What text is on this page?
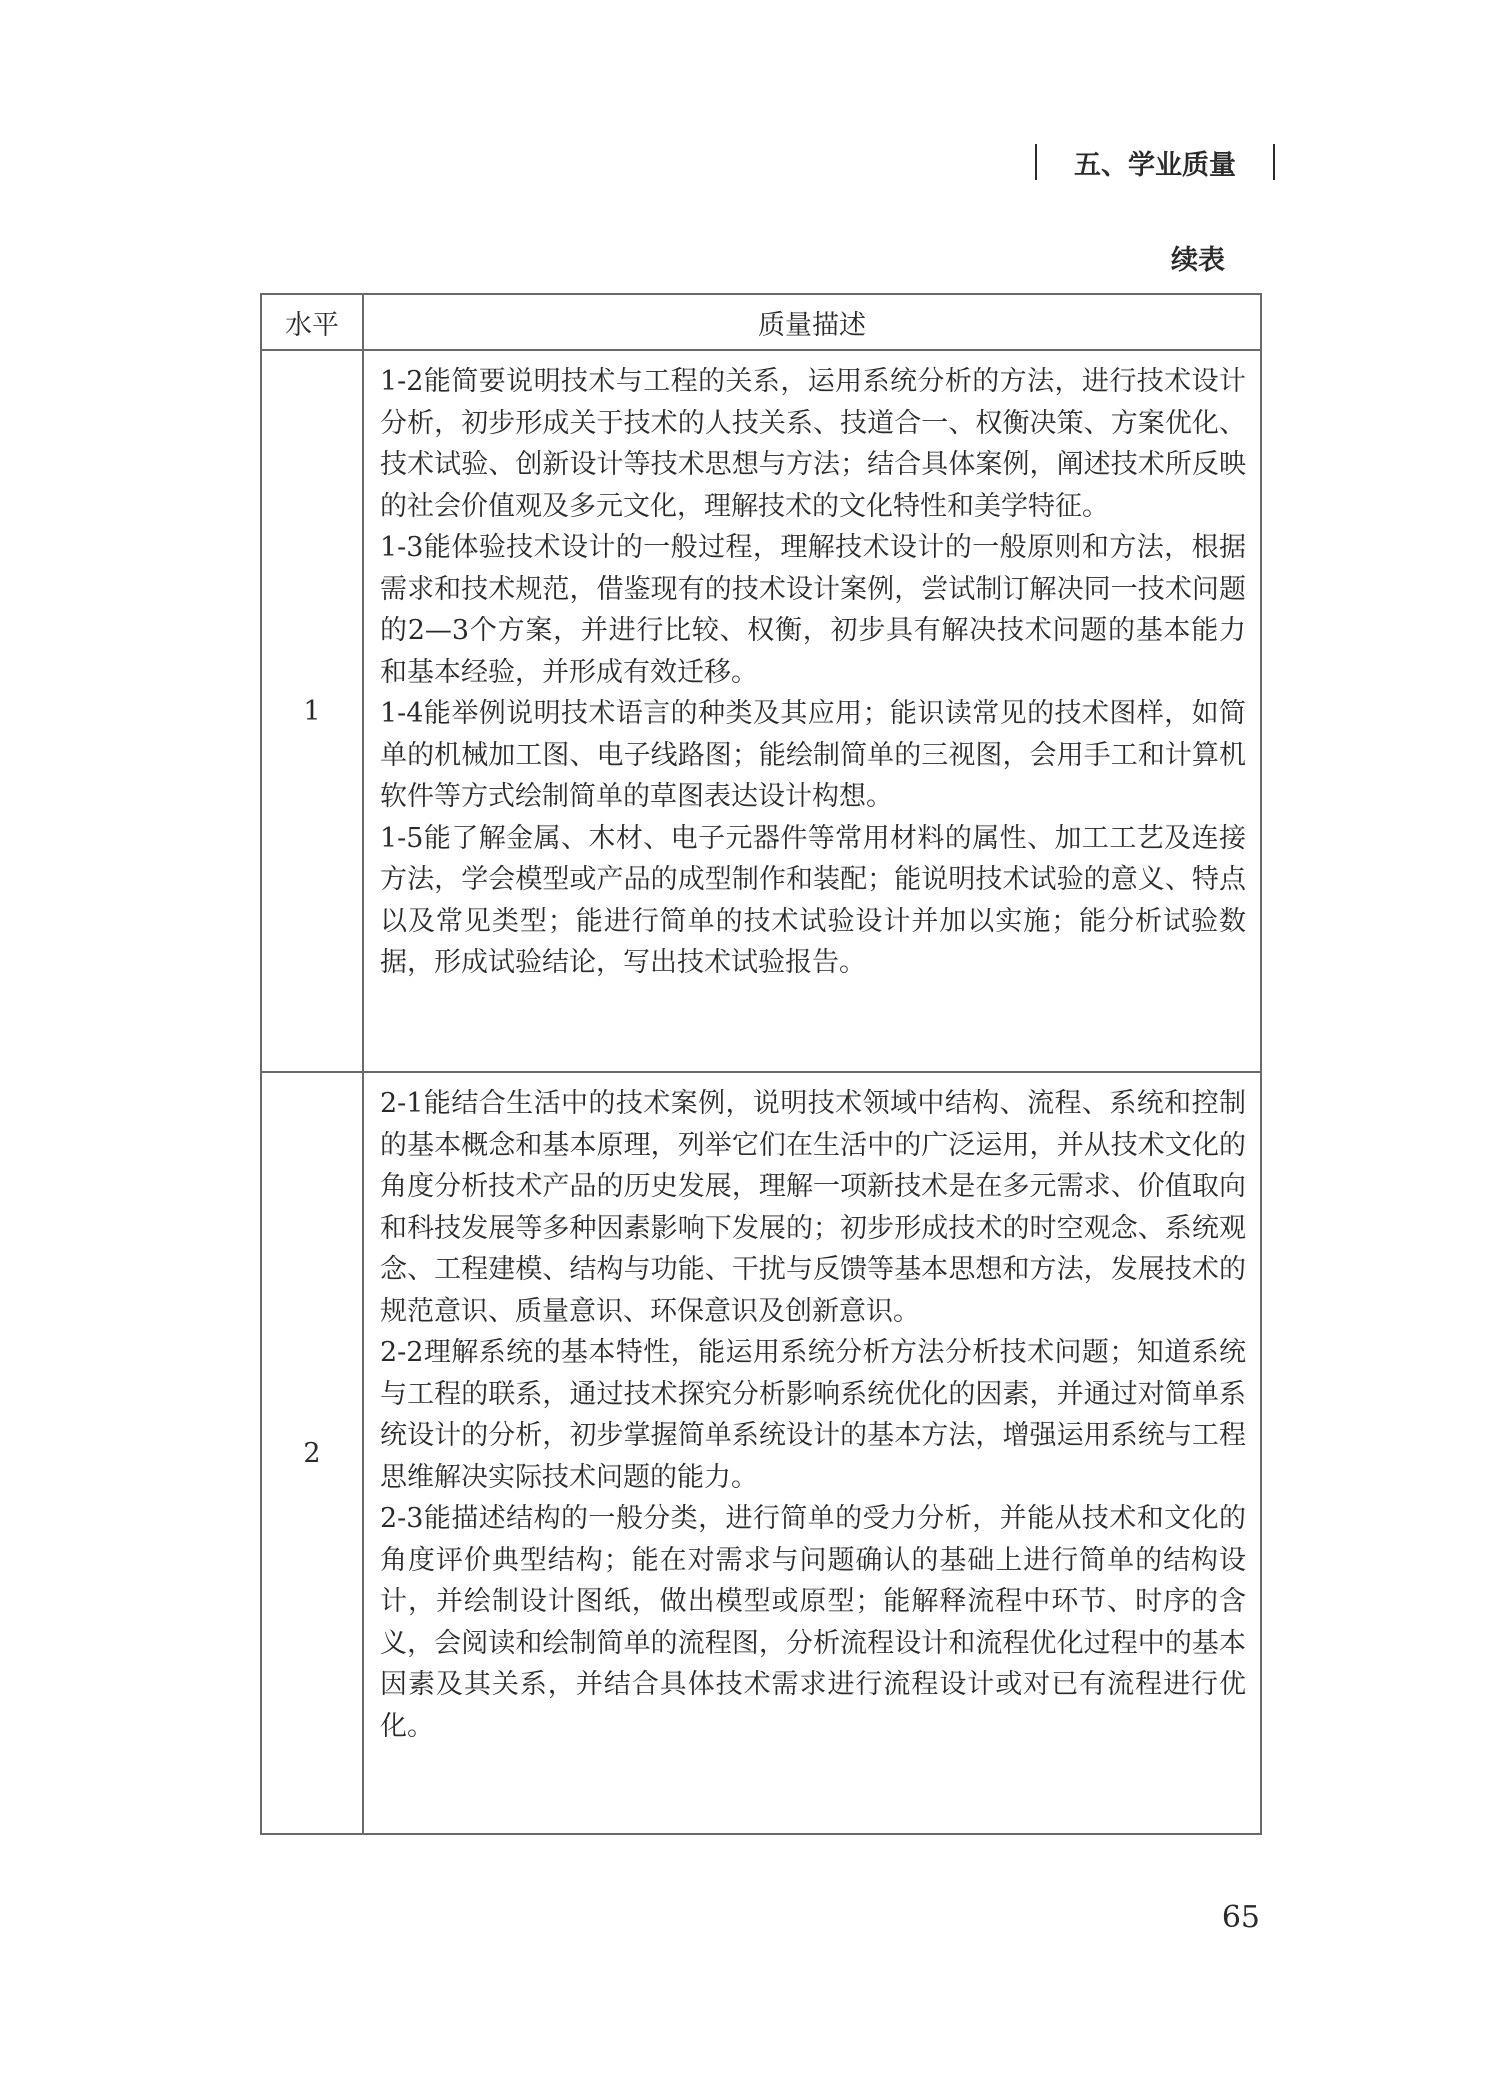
五、学业质量
续表
水平	质量描述
1	1-2能简要说明技术与工程的关系，运用系统分析的方法，进行技术设计分析，初步形成关于技术的人技关系、技道合一、权衡决策、方案优化、技术试验、创新设计等技术思想与方法；结合具体案例，阐述技术所反映的社会价值观及多元文化，理解技术的文化特性和美学特征。

1-3能体验技术设计的一般过程，理解技术设计的一般原则和方法，根据需求和技术规范，借鉴现有的技术设计案例，尝试制订解决同一技术问题的2—3个方案，并进行比较、权衡，初步具有解决技术问题的基本能力和基本经验，并形成有效迁移。

1-4能举例说明技术语言的种类及其应用；能识读常见的技术图样，如简单的机械加工图、电子线路图；能绘制简单的三视图，会用手工和计算机软件等方式绘制简单的草图表达设计构想。

1-5能了解金属、木材、电子元器件等常用材料的属性、加工工艺及连接方法，学会模型或产品的成型制作和装配；能说明技术试验的意义、特点以及常见类型；能进行简单的技术试验设计并加以实施；能分析试验数据，形成试验结论，写出技术试验报告。

2	2-1能结合生活中的技术案例，说明技术领域中结构、流程、系统和控制的基本概念和基本原理，列举它们在生活中的广泛运用，并从技术文化的角度分析技术产品的历史发展，理解一项新技术是在多元需求、价值取向和科技发展等多种因素影响下发展的；初步形成技术的时空观念、系统观念、工程建模、结构与功能、干扰与反馈等基本思想和方法，发展技术的规范意识、质量意识、环保意识及创新意识。

2-2理解系统的基本特性，能运用系统分析方法分析技术问题；知道系统与工程的联系，通过技术探究分析影响系统优化的因素，并通过对简单系统设计的分析，初步掌握简单系统设计的基本方法，增强运用系统与工程思维解决实际技术问题的能力。

2-3能描述结构的一般分类，进行简单的受力分析，并能从技术和文化的角度评价典型结构；能在对需求与问题确认的基础上进行简单的结构设计，并绘制设计图纸，做出模型或原型；能解释流程中环节、时序的含义，会阅读和绘制简单的流程图，分析流程设计和流程优化过程中的基本因素及其关系，并结合具体技术需求进行流程设计或对已有流程进行优化。

65
